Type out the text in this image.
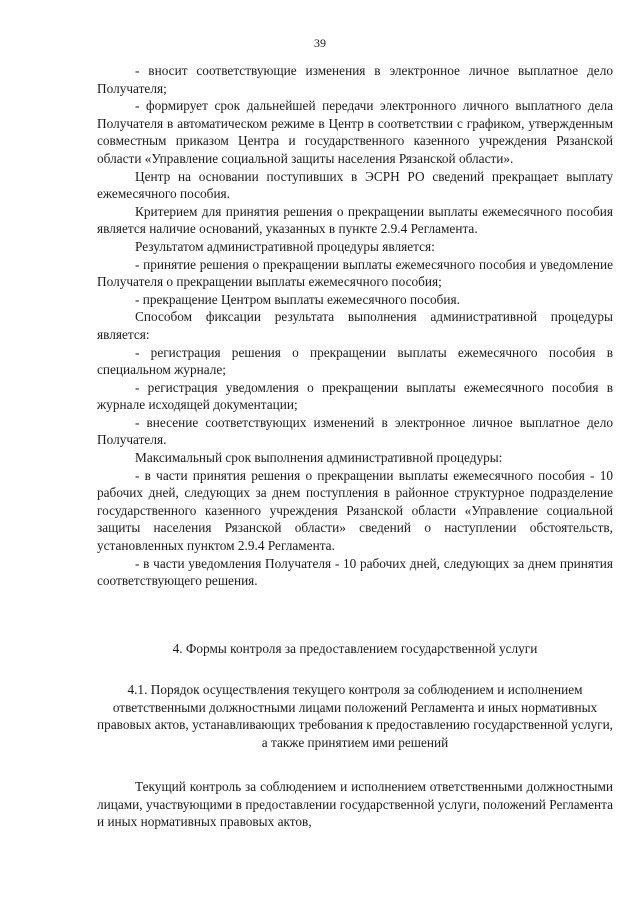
39

- вносит соответствующие изменения в электронное личное выплатное дело Получателя;

- формирует срок дальнейшей передачи электронного личного выплатного дела Получателя в автоматическом режиме в Центр в соответствии с графиком, утвержденным совместным приказом Центра и государственного казенного учреждения Рязанской области «Управление социальной защиты населения Рязанской области».

Центр на основании поступивших в ЭСРН РО сведений прекращает выплату ежемесячного пособия.

Критерием для принятия решения о прекращении выплаты ежемесячного пособия является наличие оснований, указанных в пункте 2.9.4 Регламента.

Результатом административной процедуры является:

- принятие решения о прекращении выплаты ежемесячного пособия и уведомление Получателя о прекращении выплаты ежемесячного пособия;

- прекращение Центром выплаты ежемесячного пособия.

Способом фиксации результата выполнения административной процедуры является:

- регистрация решения о прекращении выплаты ежемесячного пособия в специальном журнале;

- регистрация уведомления о прекращении выплаты ежемесячного пособия в журнале исходящей документации;

- внесение соответствующих изменений в электронное личное выплатное дело Получателя.

Максимальный срок выполнения административной процедуры:

- в части принятия решения о прекращении выплаты ежемесячного пособия - 10 рабочих дней, следующих за днем поступления в районное структурное подразделение государственного казенного учреждения Рязанской области «Управление социальной защиты населения Рязанской области» сведений о наступлении обстоятельств, установленных пунктом 2.9.4 Регламента.

- в части уведомления Получателя - 10 рабочих дней, следующих за днем принятия соответствующего решения.

4. Формы контроля за предоставлением государственной услуги

4.1. Порядок осуществления текущего контроля за соблюдением и исполнением ответственными должностными лицами положений Регламента и иных нормативных правовых актов, устанавливающих требования к предоставлению государственной услуги, а также принятием ими решений

Текущий контроль за соблюдением и исполнением ответственными должностными лицами, участвующими в предоставлении государственной услуги, положений Регламента и иных нормативных правовых актов,
